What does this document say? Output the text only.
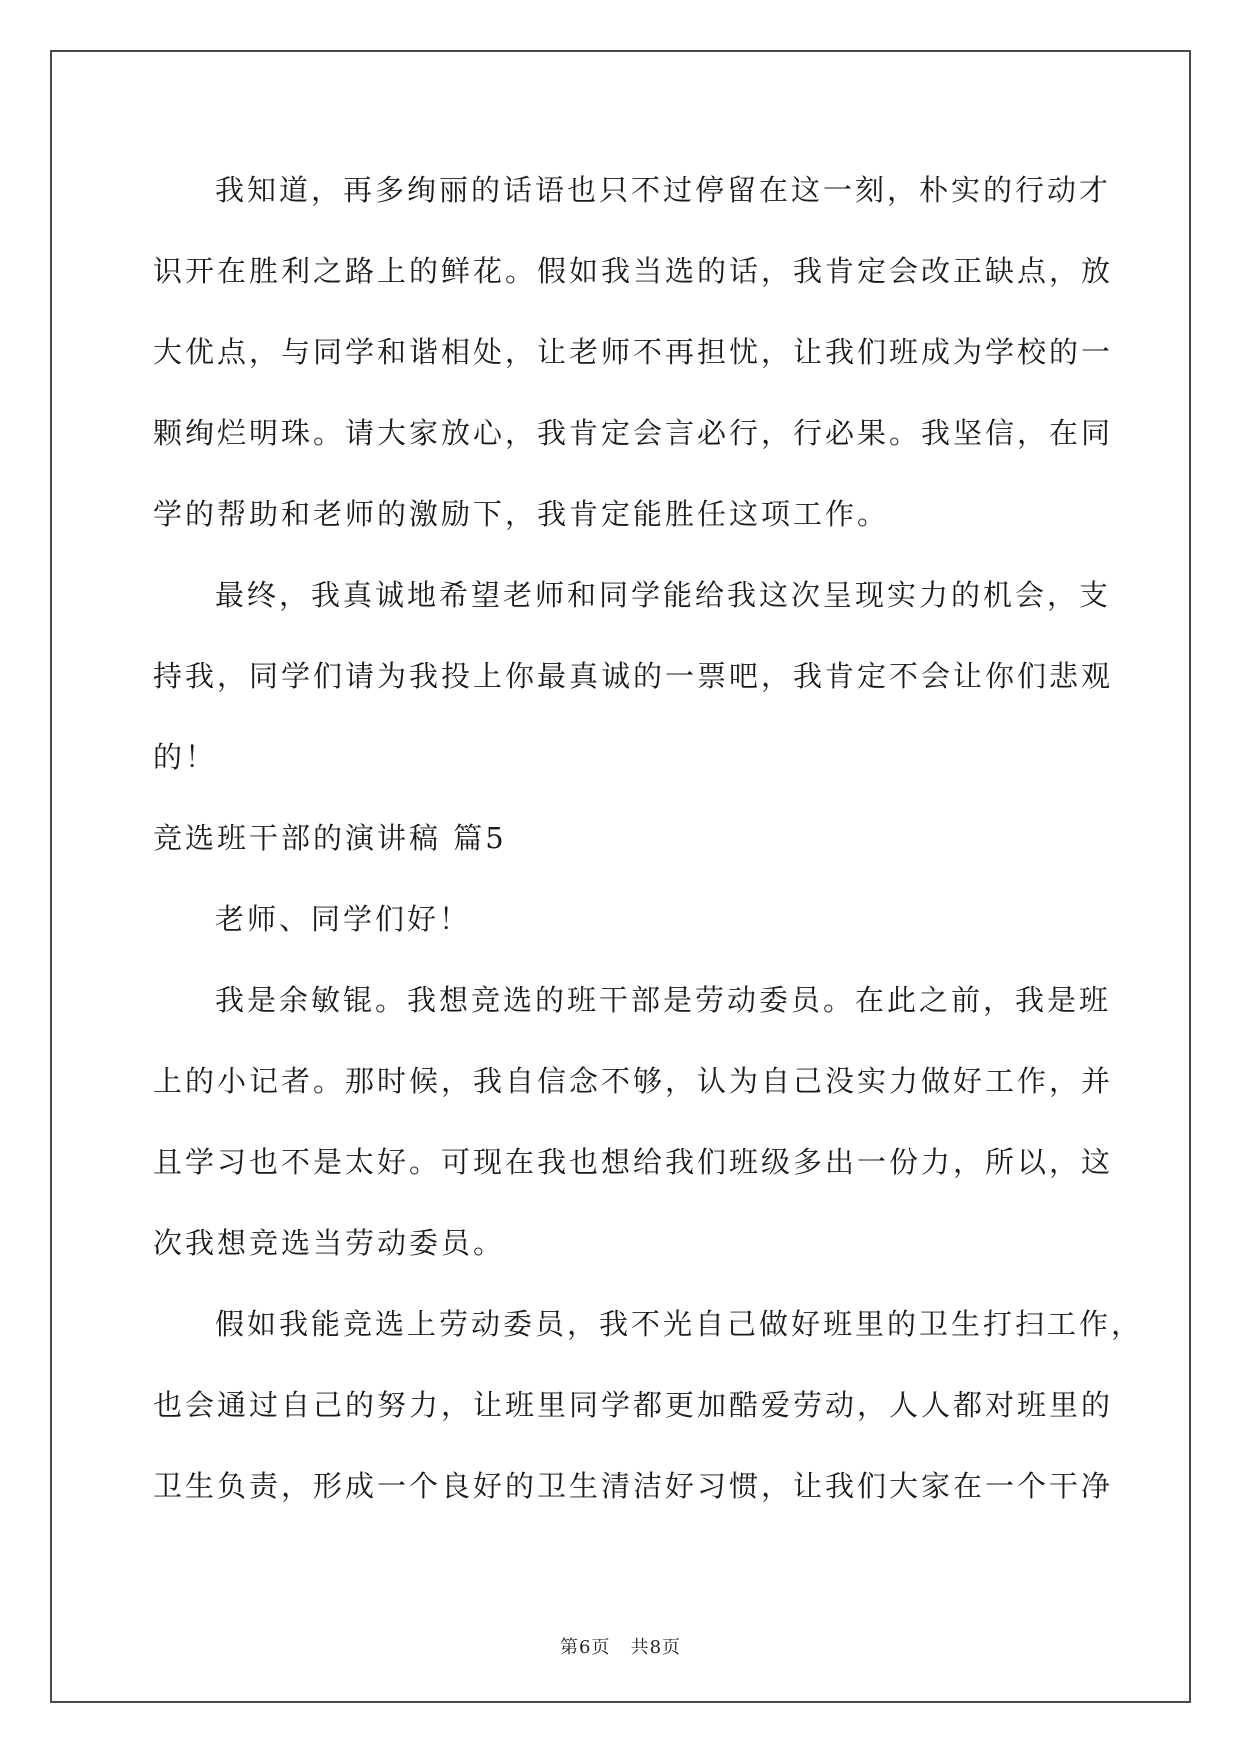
我知道，再多绚丽的话语也只不过停留在这一刻，朴实的行动才
识开在胜利之路上的鲜花。假如我当选的话，我肯定会改正缺点，放
大优点，与同学和谐相处，让老师不再担忧，让我们班成为学校的一
颗绚烂明珠。请大家放心，我肯定会言必行，行必果。我坚信，在同
学的帮助和老师的激励下，我肯定能胜任这项工作。
最终，我真诚地希望老师和同学能给我这次呈现实力的机会，支
持我，同学们请为我投上你最真诚的一票吧，我肯定不会让你们悲观
的！
竞选班干部的演讲稿 篇5
老师、同学们好！
我是余敏锟。我想竞选的班干部是劳动委员。在此之前，我是班
上的小记者。那时候，我自信念不够，认为自己没实力做好工作，并
且学习也不是太好。可现在我也想给我们班级多出一份力，所以，这
次我想竞选当劳动委员。
假如我能竞选上劳动委员，我不光自己做好班里的卫生打扫工作，
也会通过自己的努力，让班里同学都更加酷爱劳动，人人都对班里的
卫生负责，形成一个良好的卫生清洁好习惯，让我们大家在一个干净
第6页 共8页
